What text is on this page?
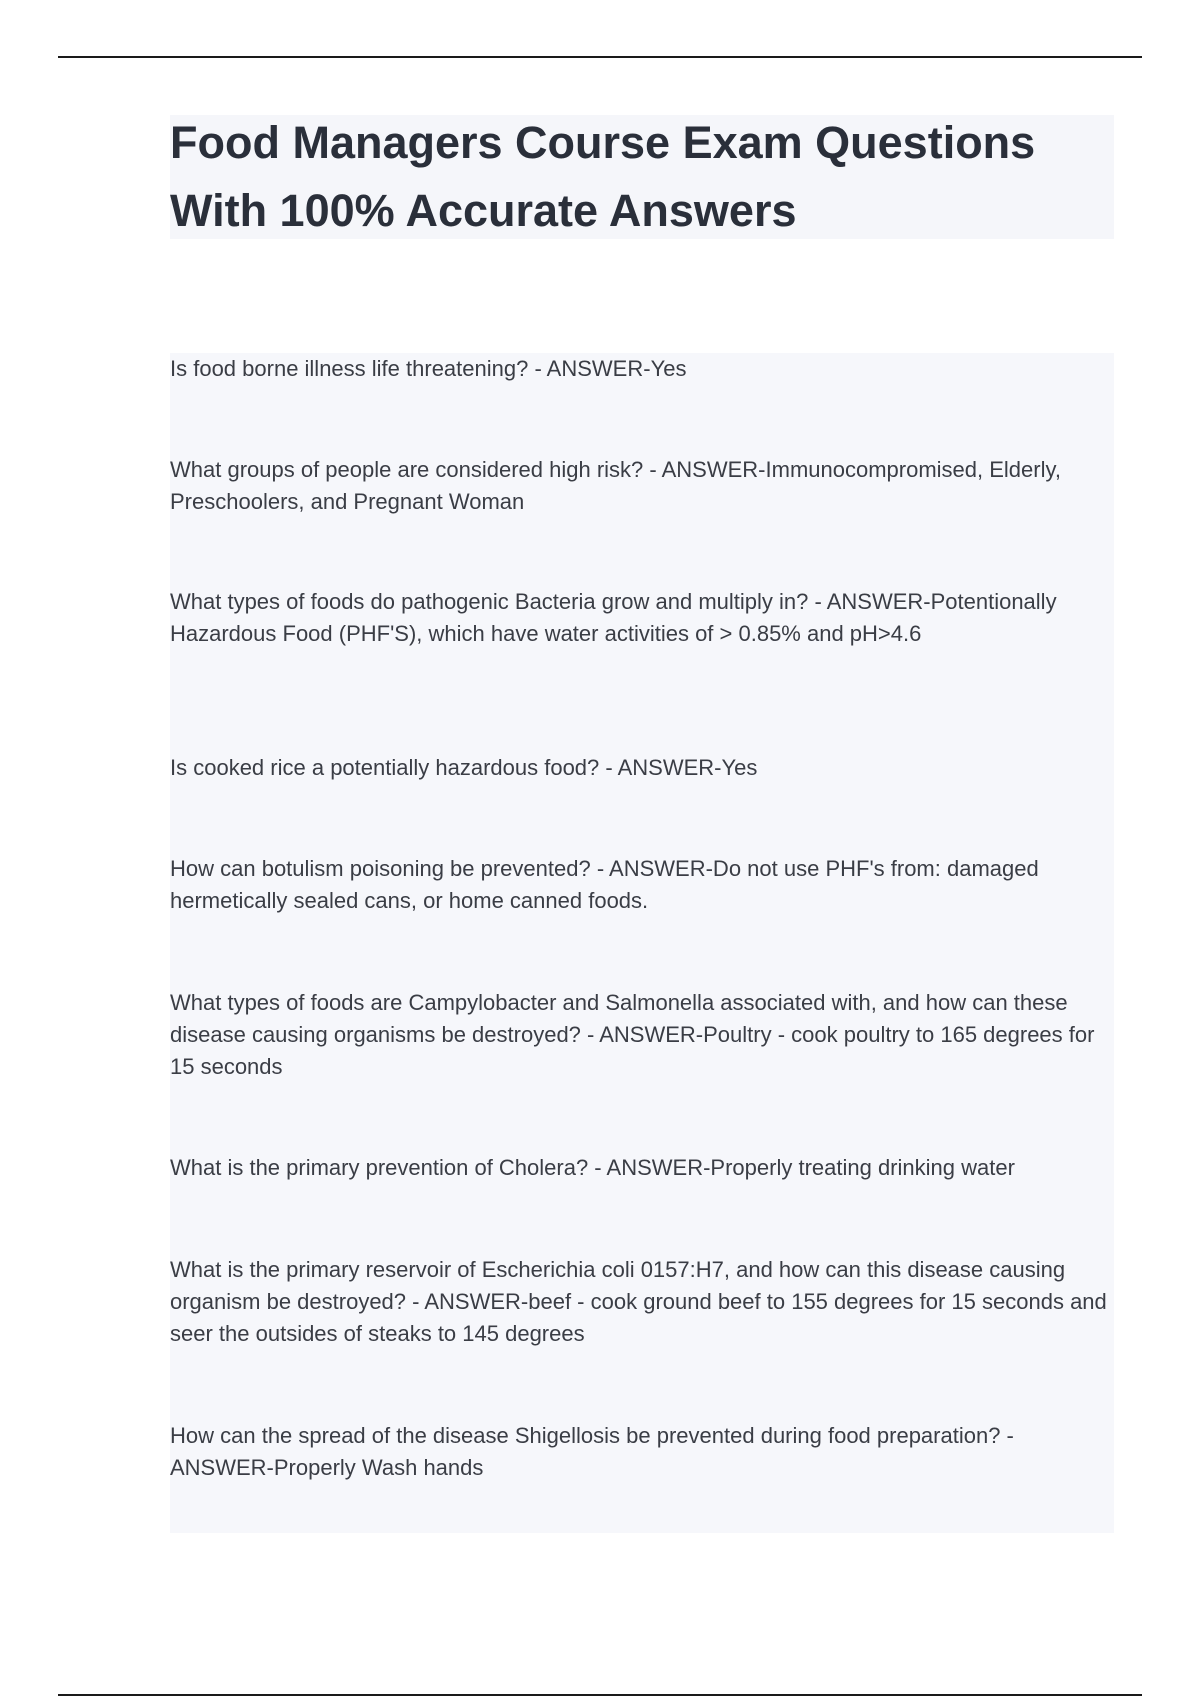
Food Managers Course Exam Questions With 100% Accurate Answers

Is food borne illness life threatening? - ANSWER-Yes

What groups of people are considered high risk? - ANSWER-Immunocompromised, Elderly, Preschoolers, and Pregnant Woman

What types of foods do pathogenic Bacteria grow and multiply in? - ANSWER-Potentionally Hazardous Food (PHF'S), which have water activities of > 0.85% and pH>4.6

Is cooked rice a potentially hazardous food? - ANSWER-Yes

How can botulism poisoning be prevented? - ANSWER-Do not use PHF's from: damaged hermetically sealed cans, or home canned foods.

What types of foods are Campylobacter and Salmonella associated with, and how can these disease causing organisms be destroyed? - ANSWER-Poultry - cook poultry to 165 degrees for 15 seconds

What is the primary prevention of Cholera? - ANSWER-Properly treating drinking water

What is the primary reservoir of Escherichia coli 0157:H7, and how can this disease causing organism be destroyed? - ANSWER-beef - cook ground beef to 155 degrees for 15 seconds and seer the outsides of steaks to 145 degrees

How can the spread of the disease Shigellosis be prevented during food preparation? - ANSWER-Properly Wash hands
